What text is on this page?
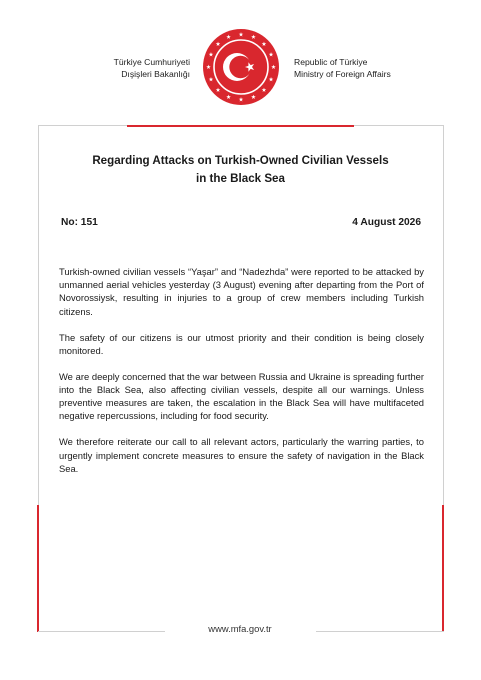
Türkiye Cumhuriyeti
Dışişleri Bakanlığı
Republic of Türkiye
Ministry of Foreign Affairs
Regarding Attacks on Turkish-Owned Civilian Vessels
in the Black Sea
No: 151	4 August 2026

Turkish-owned civilian vessels “Yaşar” and “Nadezhda” were reported to be attacked by unmanned aerial vehicles yesterday (3 August) evening after departing from the Port of Novorossiysk, resulting in injuries to a group of crew members including Turkish citizens.

The safety of our citizens is our utmost priority and their condition is being closely monitored.

We are deeply concerned that the war between Russia and Ukraine is spreading further into the Black Sea, also affecting civilian vessels, despite all our warnings. Unless preventive measures are taken, the escalation in the Black Sea will have multifaceted negative repercussions, including for food security.

We therefore reiterate our call to all relevant actors, particularly the warring parties, to urgently implement concrete measures to ensure the safety of navigation in the Black Sea.

www.mfa.gov.tr
